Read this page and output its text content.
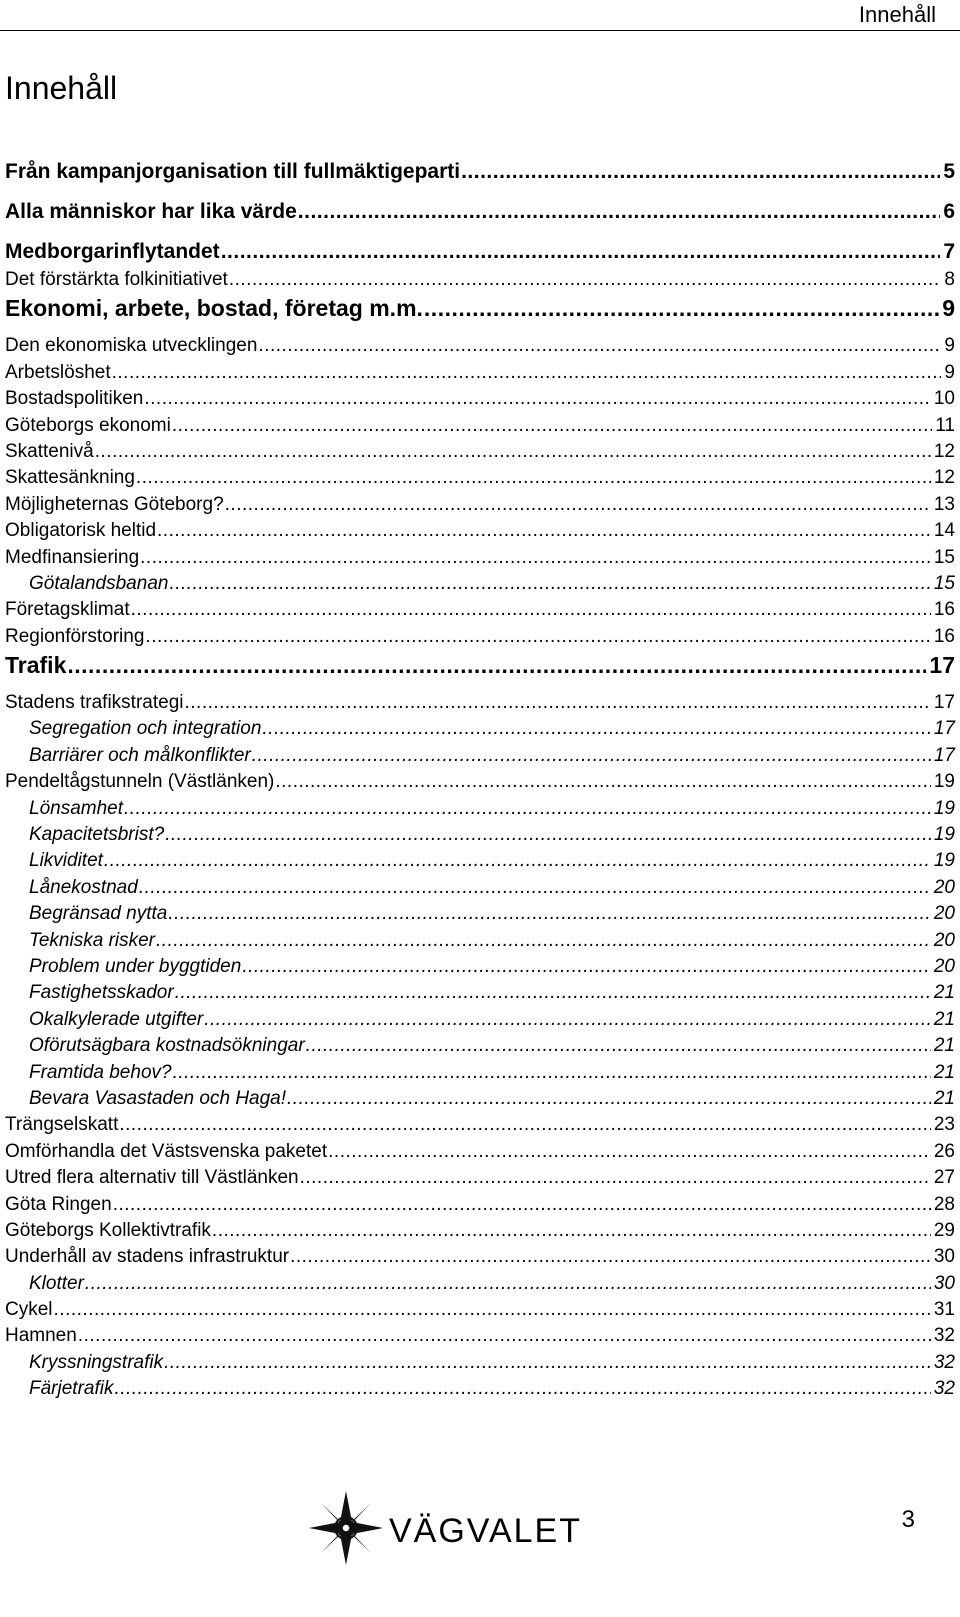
Innehåll
Innehåll
Från kampanjorganisation till fullmäktigeparti .....	5
Alla människor har lika värde .....	6
Medborgarinflytandet .....	7
Det förstärkta folkinitiativet .....	8
Ekonomi, arbete, bostad, företag m.m. .....	9
Den ekonomiska utvecklingen .....	9
Arbetslöshet .....	9
Bostadspolitiken .....	10
Göteborgs ekonomi .....	11
Skattenivå .....	12
Skattesänkning .....	12
Möjligheternas Göteborg? .....	13
Obligatorisk heltid .....	14
Medfinansiering .....	15
Götalandsbanan .....	15
Företagsklimat .....	16
Regionförstoring .....	16
Trafik .....	17
Stadens trafikstrategi .....	17
Segregation och integration .....	17
Barriärer och målkonflikter .....	17
Pendeltågstunneln (Västlänken) .....	19
Lönsamhet .....	19
Kapacitetsbrist? .....	19
Likviditet .....	19
Lånekostnad .....	20
Begränsad nytta .....	20
Tekniska risker .....	20
Problem under byggtiden .....	20
Fastighetsskador .....	21
Okalkylerade utgifter .....	21
Oförutsägbara kostnadsökningar .....	21
Framtida behov? .....	21
Bevara Vasastaden och Haga! .....	21
Trängselskatt .....	23
Omförhandla det Västsvenska paketet .....	26
Utred flera alternativ till Västlänken .....	27
Göta Ringen .....	28
Göteborgs Kollektivtrafik .....	29
Underhåll av stadens infrastruktur .....	30
Klotter .....	30
Cykel .....	31
Hamnen .....	32
Kryssningstrafik .....	32
Färjetrafik .....	32
VÄGVALET	3
